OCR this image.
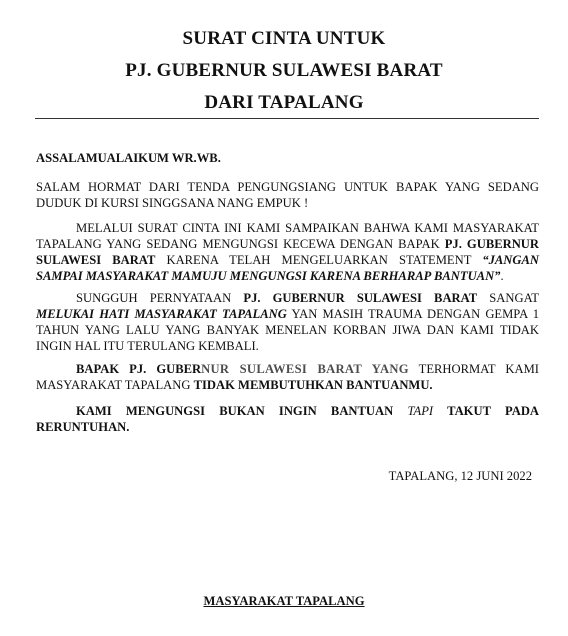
SURAT CINTA UNTUK
PJ. GUBERNUR SULAWESI BARAT
DARI TAPALANG
ASSALAMUALAIKUM WR.WB.
SALAM HORMAT DARI TENDA PENGUNGSIANG UNTUK BAPAK YANG SEDANG DUDUK DI KURSI SINGGSANA NANG EMPUK !
MELALUI SURAT CINTA INI KAMI SAMPAIKAN BAHWA KAMI MASYARAKAT TAPALANG YANG SEDANG MENGUNGSI KECEWA DENGAN BAPAK PJ. GUBERNUR SULAWESI BARAT KARENA TELAH MENGELUARKAN STATEMENT “JANGAN SAMPAI MASYARAKAT MAMUJU MENGUNGSI KARENA BERHARAP BANTUAN”.
SUNGGUH PERNYATAAN PJ. GUBERNUR SULAWESI BARAT SANGAT MELUKAI HATI MASYARAKAT TAPALANG YAN MASIH TRAUMA DENGAN GEMPA 1 TAHUN YANG LALU YANG BANYAK MENELAN KORBAN JIWA DAN KAMI TIDAK INGIN HAL ITU TERULANG KEMBALI.
BAPAK PJ. GUBERNUR SULAWESI BARAT YANG TERHORMAT KAMI MASYARAKAT TAPALANG TIDAK MEMBUTUHKAN BANTUANMU.
KAMI MENGUNGSI BUKAN INGIN BANTUAN TAPI TAKUT PADA RERUNTUHAN.
TAPALANG, 12 JUNI 2022
MASYARAKAT TAPALANG
